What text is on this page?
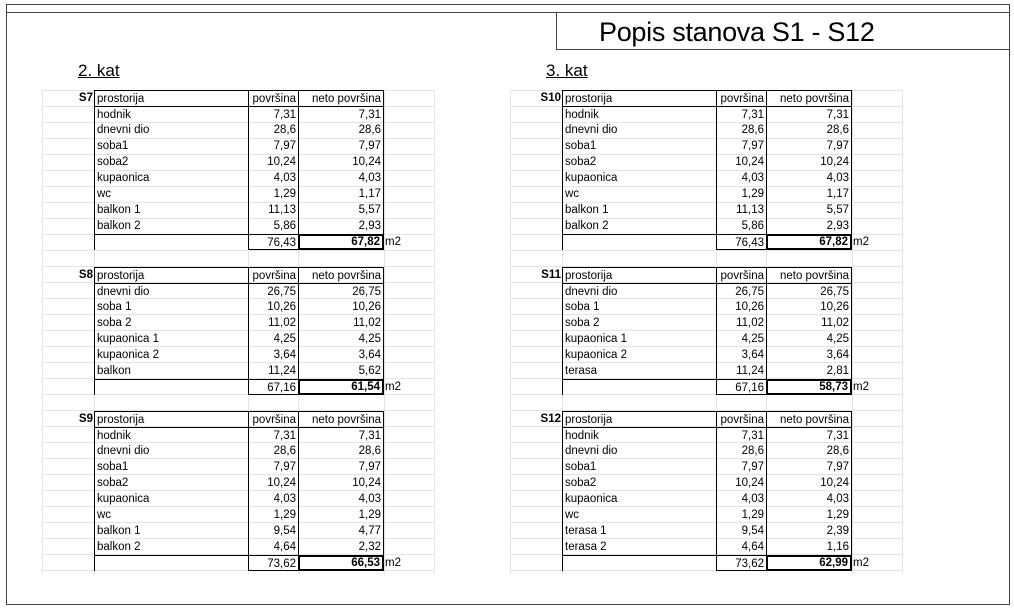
Popis stanova S1 - S12
2. kat	3. kat
S7 prostorija	površina	neto površina
hodnik	7,31	7,31
dnevni dio	28,6	28,6
soba1	7,97	7,97
soba2	10,24	10,24
kupaonica	4,03	4,03
wc	1,29	1,17
balkon 1	11,13	5,57
balkon 2	5,86	2,93
76,43	67,82 m2
S8 prostorija	površina	neto površina
dnevni dio	26,75	26,75
soba 1	10,26	10,26
soba 2	11,02	11,02
kupaonica 1	4,25	4,25
kupaonica 2	3,64	3,64
balkon	11,24	5,62
67,16	61,54 m2
S9 prostorija	površina	neto površina
hodnik	7,31	7,31
dnevni dio	28,6	28,6
soba1	7,97	7,97
soba2	10,24	10,24
kupaonica	4,03	4,03
wc	1,29	1,29
balkon 1	9,54	4,77
balkon 2	4,64	2,32
73,62	66,53 m2
S10 prostorija	površina	neto površina
hodnik	7,31	7,31
dnevni dio	28,6	28,6
soba1	7,97	7,97
soba2	10,24	10,24
kupaonica	4,03	4,03
wc	1,29	1,17
balkon 1	11,13	5,57
balkon 2	5,86	2,93
76,43	67,82 m2
S11 prostorija	površina	neto površina
dnevni dio	26,75	26,75
soba 1	10,26	10,26
soba 2	11,02	11,02
kupaonica 1	4,25	4,25
kupaonica 2	3,64	3,64
terasa	11,24	2,81
67,16	58,73 m2
S12 prostorija	površina	neto površina
hodnik	7,31	7,31
dnevni dio	28,6	28,6
soba1	7,97	7,97
soba2	10,24	10,24
kupaonica	4,03	4,03
wc	1,29	1,29
terasa 1	9,54	2,39
terasa 2	4,64	1,16
73,62	62,99 m2
